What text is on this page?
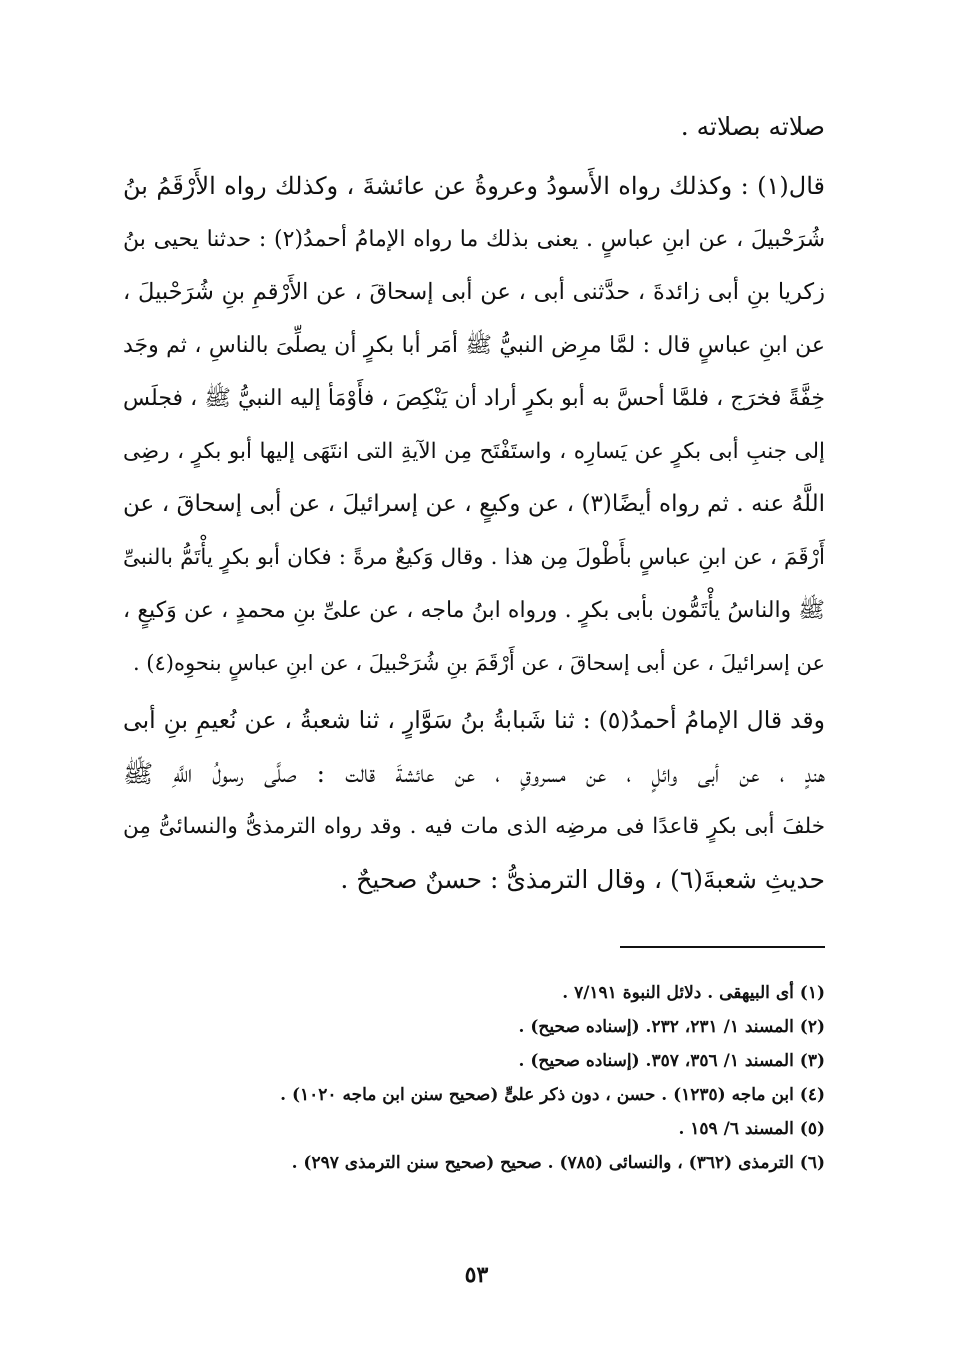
صلاته بصلاته .
قال(١) : وكذلك رواه الأَسودُ وعروةُ عن عائشةَ ، وكذلك رواه الأَرْقَمُ بنُ
شُرَحْبيلَ ، عن ابنِ عباسٍ . يعنى بذلك ما رواه الإمامُ أحمدُ(٢) : حدثنا يحيى بنُ
زكريا بنِ أبى زائدةَ ، حدَّثنى أبى ، عن أبى إسحاقَ ، عن الأَرْقمِ بنِ شُرَحْبيلَ ،
عن ابنِ عباسٍ قال : لمَّا مرِض النبيُّ ﷺ أمَر أبا بكرٍ أن يصلِّىَ بالناسِ ، ثم وجَد
خِفَّةً فخرَج ، فلمَّا أحسَّ به أبو بكرٍ أراد أن يَنْكِصَ ، فأَوْمَأ إليه النبيُّ ﷺ ، فجلَس
إلى جنبِ أبى بكرٍ عن يَسارِه ، واستَفْتَح مِن الآيةِ التى انتَهَى إليها أبو بكرٍ ، رضِى
اللَّهُ عنه . ثم رواه أيضًا(٣) ، عن وكيعٍ ، عن إسرائيلَ ، عن أبى إسحاقَ ، عن
أَرْقَمَ ، عن ابنِ عباسٍ بأَطْولَ مِن هذا . وقال وَكيعٌ مرةً : فكان أبو بكرٍ يأْتَمُّ بالنبىِّ
ﷺ والناسُ يأْتَمُّون بأبى بكرٍ . ورواه ابنُ ماجه ، عن علىِّ بنِ محمدٍ ، عن وَكيعٍ ،
عن إسرائيلَ ، عن أبى إسحاقَ ، عن أَرْقَمَ بنِ شُرَحْبيلَ ، عن ابنِ عباسٍ بنحوِه(٤) .
وقد قال الإمامُ أحمدُ(٥) : ثنا شَبابةُ بنُ سَوَّارٍ ، ثنا شعبةُ ، عن نُعيمِ بنِ أبى
هندٍ ، عن أبى وائلٍ ، عن مسروقٍ ، عن عائشةَ قالت : صلَّى رسولُ اللَّهِ ﷺ
خلفَ أبى بكرٍ قاعدًا فى مرضِه الذى مات فيه . وقد رواه الترمذىُّ والنسائىُّ مِن
حديثِ شعبةَ(٦) ، وقال الترمذىُّ : حسنٌ صحيحٌ .
(١) أى البيهقى . دلائل النبوة ٧/١٩١ .
(٢) المسند ١/ ٢٣١، ٢٣٢. (إسناده صحيح) .
(٣) المسند ١/ ٣٥٦، ٣٥٧. (إسناده صحيح) .
(٤) ابن ماجه (١٢٣٥) . حسن ، دون ذكر علىٍّ (صحيح سنن ابن ماجه ١٠٢٠) .
(٥) المسند ٦/ ١٥٩ .
(٦) الترمذى (٣٦٢) ، والنسائى (٧٨٥) . صحيح (صحيح سنن الترمذى ٢٩٧) .
٥٣
